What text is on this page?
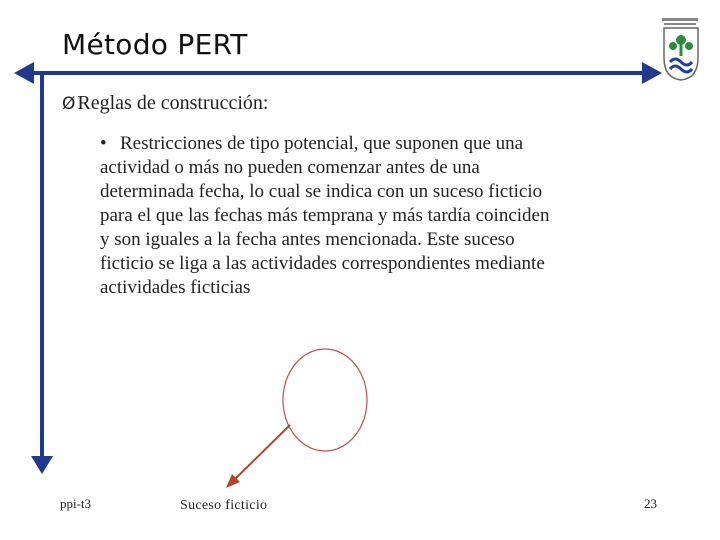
Método PERT
Ø Reglas de construcción:
• Restricciones de tipo potencial, que suponen que una
actividad o más no pueden comenzar antes de una
determinada fecha, lo cual se indica con un suceso ficticio
para el que las fechas más temprana y más tardía coinciden
y son iguales a la fecha antes mencionada. Este suceso
ficticio se liga a las actividades correspondientes mediante
actividades ficticias
Suceso ficticio
ppi-t3	23
